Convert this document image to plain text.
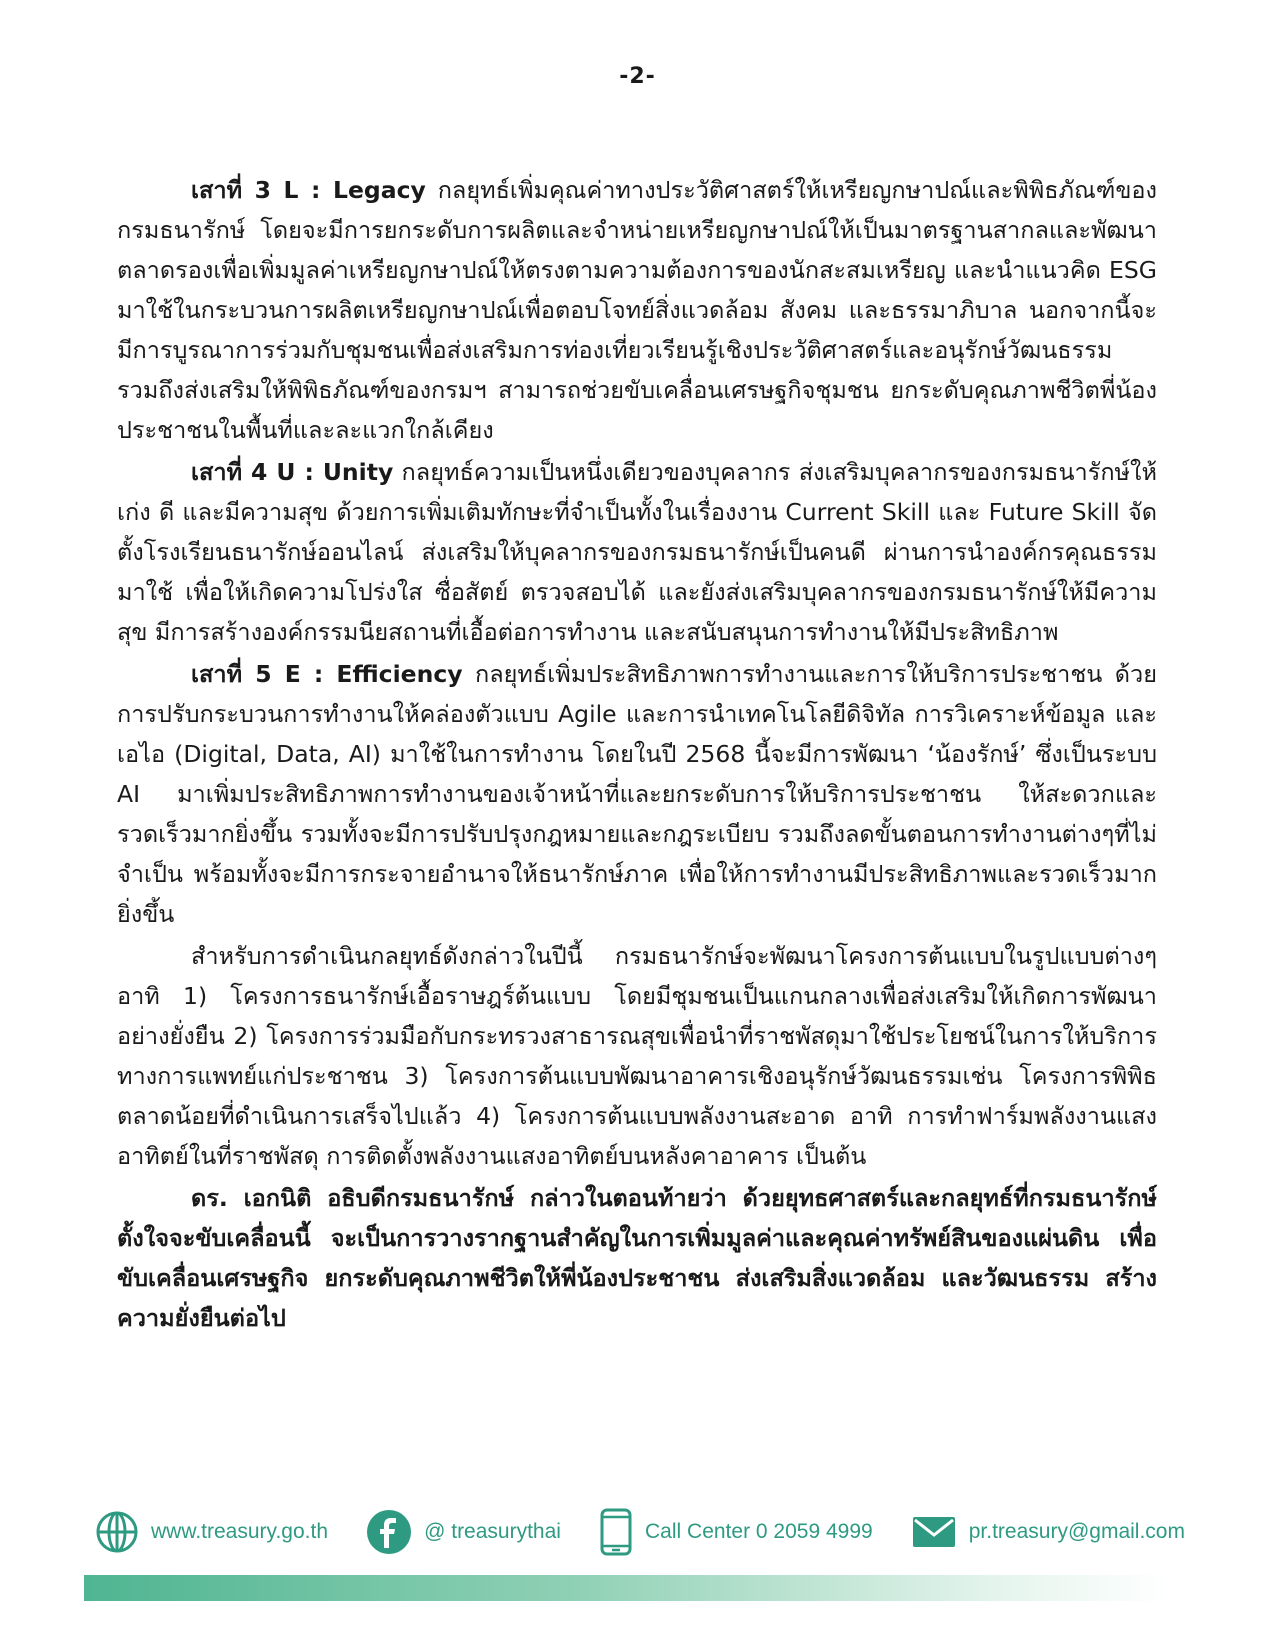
-2-

เสาที่ 3 L : Legacy กลยุทธ์เพิ่มคุณค่าทางประวัติศาสตร์ให้เหรียญกษาปณ์และพิพิธภัณฑ์ของกรมธนารักษ์ โดยจะมีการยกระดับการผลิตและจำหน่ายเหรียญกษาปณ์ให้เป็นมาตรฐานสากลและพัฒนาตลาดรองเพื่อเพิ่มมูลค่าเหรียญกษาปณ์ให้ตรงตามความต้องการของนักสะสมเหรียญ และนำแนวคิด ESG มาใช้ในกระบวนการผลิตเหรียญกษาปณ์เพื่อตอบโจทย์สิ่งแวดล้อม สังคม และธรรมาภิบาล นอกจากนี้จะมีการบูรณาการร่วมกับชุมชนเพื่อส่งเสริมการท่องเที่ยวเรียนรู้เชิงประวัติศาสตร์และอนุรักษ์วัฒนธรรม รวมถึงส่งเสริมให้พิพิธภัณฑ์ของกรมฯ สามารถช่วยขับเคลื่อนเศรษฐกิจชุมชน ยกระดับคุณภาพชีวิตพี่น้องประชาชนในพื้นที่และละแวกใกล้เคียง

เสาที่ 4 U : Unity กลยุทธ์ความเป็นหนึ่งเดียวของบุคลากร ส่งเสริมบุคลากรของกรมธนารักษ์ให้ เก่ง ดี และมีความสุข ด้วยการเพิ่มเติมทักษะที่จำเป็นทั้งในเรื่องงาน Current Skill และ Future Skill จัดตั้งโรงเรียนธนารักษ์ออนไลน์ ส่งเสริมให้บุคลากรของกรมธนารักษ์เป็นคนดี ผ่านการนำองค์กรคุณธรรมมาใช้ เพื่อให้เกิดความโปร่งใส ซื่อสัตย์ ตรวจสอบได้ และยังส่งเสริมบุคลากรของกรมธนารักษ์ให้มีความสุข มีการสร้างองค์กรรมนียสถานที่เอื้อต่อการทำงาน และสนับสนุนการทำงานให้มีประสิทธิภาพ

เสาที่ 5 E : Efficiency กลยุทธ์เพิ่มประสิทธิภาพการทำงานและการให้บริการประชาชน ด้วยการปรับกระบวนการทำงานให้คล่องตัวแบบ Agile และการนำเทคโนโลยีดิจิทัล การวิเคราะห์ข้อมูล และเอไอ (Digital, Data, AI) มาใช้ในการทำงาน โดยในปี 2568 นี้จะมีการพัฒนา ‘น้องรักษ์’ ซึ่งเป็นระบบ AI มาเพิ่มประสิทธิภาพการทำงานของเจ้าหน้าที่และยกระดับการให้บริการประชาชน ให้สะดวกและรวดเร็วมากยิ่งขึ้น รวมทั้งจะมีการปรับปรุงกฎหมายและกฎระเบียบ รวมถึงลดขั้นตอนการทำงานต่างๆที่ไม่จำเป็น พร้อมทั้งจะมีการกระจายอำนาจให้ธนารักษ์ภาค เพื่อให้การทำงานมีประสิทธิภาพและรวดเร็วมากยิ่งขึ้น

สำหรับการดำเนินกลยุทธ์ดังกล่าวในปีนี้ กรมธนารักษ์จะพัฒนาโครงการต้นแบบในรูปแบบต่างๆ อาทิ 1) โครงการธนารักษ์เอื้อราษฎร์ต้นแบบ โดยมีชุมชนเป็นแกนกลางเพื่อส่งเสริมให้เกิดการพัฒนาอย่างยั่งยืน 2) โครงการร่วมมือกับกระทรวงสาธารณสุขเพื่อนำที่ราชพัสดุมาใช้ประโยชน์ในการให้บริการทางการแพทย์แก่ประชาชน 3) โครงการต้นแบบพัฒนาอาคารเชิงอนุรักษ์วัฒนธรรมเช่น โครงการพิพิธตลาดน้อยที่ดำเนินการเสร็จไปแล้ว 4) โครงการต้นแบบพลังงานสะอาด อาทิ การทำฟาร์มพลังงานแสงอาทิตย์ในที่ราชพัสดุ การติดตั้งพลังงานแสงอาทิตย์บนหลังคาอาคาร เป็นต้น

ดร. เอกนิติ อธิบดีกรมธนารักษ์ กล่าวในตอนท้ายว่า ด้วยยุทธศาสตร์และกลยุทธ์ที่กรมธนารักษ์ตั้งใจจะขับเคลื่อนนี้ จะเป็นการวางรากฐานสำคัญในการเพิ่มมูลค่าและคุณค่าทรัพย์สินของแผ่นดิน เพื่อขับเคลื่อนเศรษฐกิจ ยกระดับคุณภาพชีวิตให้พี่น้องประชาชน ส่งเสริมสิ่งแวดล้อม และวัฒนธรรม สร้างความยั่งยืนต่อไป

www.treasury.go.th	@ treasurythai	Call Center 0 2059 4999	pr.treasury@gmail.com
